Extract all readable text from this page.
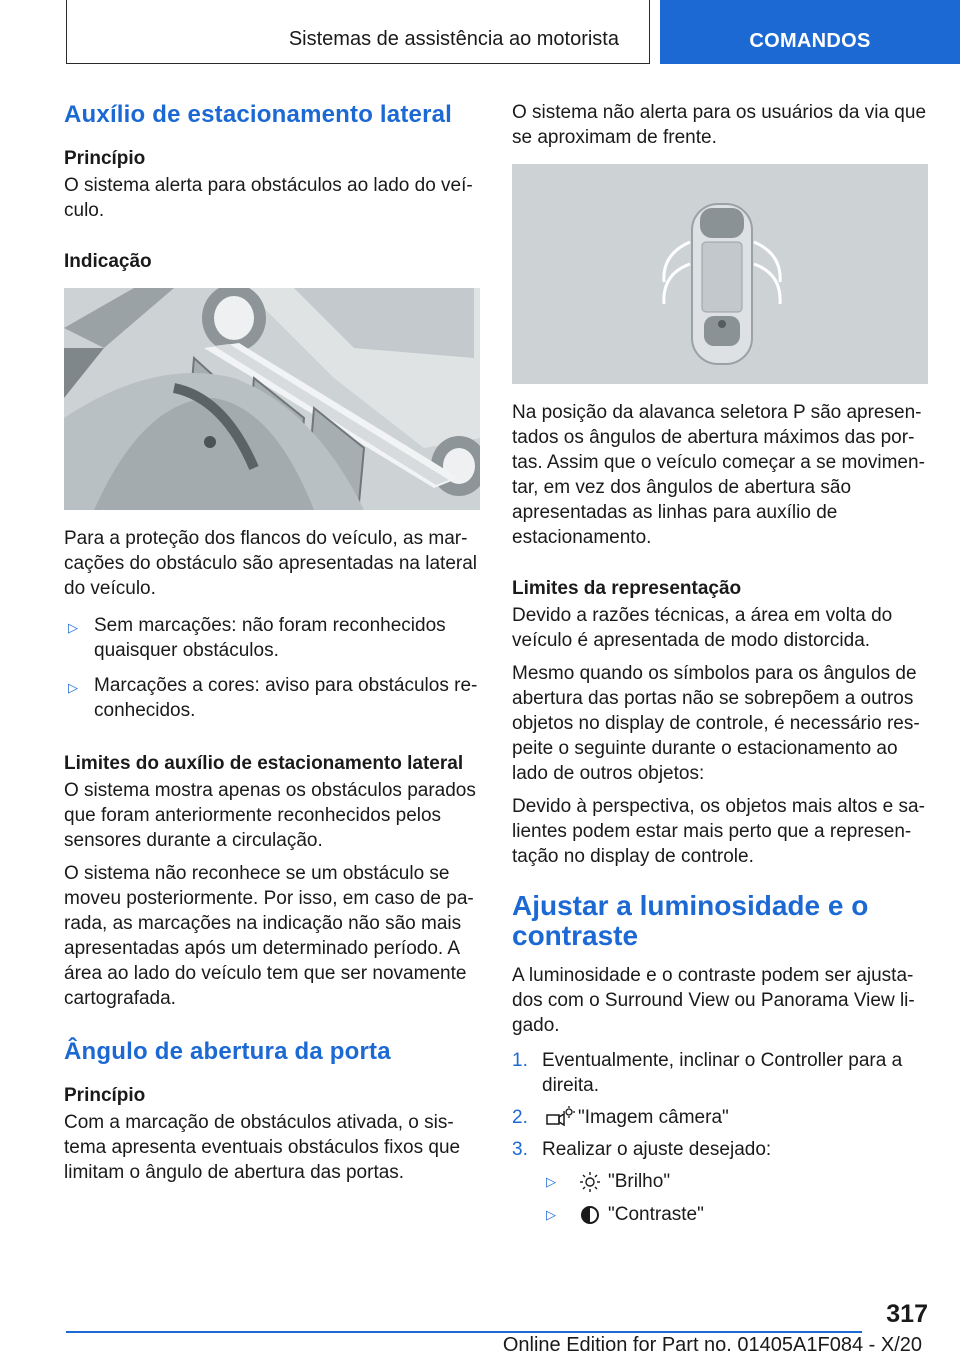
Sistemas de assistência ao motorista	COMANDOS
Auxílio de estacionamento lateral
Princípio
O sistema alerta para obstáculos ao lado do veículo.
Indicação
Para a proteção dos flancos do veículo, as marcações do obstáculo são apresentadas na lateral do veículo.
▷ Sem marcações: não foram reconhecidos quaisquer obstáculos.
▷ Marcações a cores: aviso para obstáculos reconhecidos.
Limites do auxílio de estacionamento lateral
O sistema mostra apenas os obstáculos parados que foram anteriormente reconhecidos pelos sensores durante a circulação.
O sistema não reconhece se um obstáculo se moveu posteriormente. Por isso, em caso de parada, as marcações na indicação não são mais apresentadas após um determinado período. A área ao lado do veículo tem que ser novamente cartografada.
Ângulo de abertura da porta
Princípio
Com a marcação de obstáculos ativada, o sistema apresenta eventuais obstáculos fixos que limitam o ângulo de abertura das portas.
O sistema não alerta para os usuários da via que se aproximam de frente.
Na posição da alavanca seletora P são apresentados os ângulos de abertura máximos das portas. Assim que o veículo começar a se movimentar, em vez dos ângulos de abertura são apresentadas as linhas para auxílio de estacionamento.
Limites da representação
Devido a razões técnicas, a área em volta do veículo é apresentada de modo distorcida.
Mesmo quando os símbolos para os ângulos de abertura das portas não se sobrepõem a outros objetos no display de controle, é necessário respeite o seguinte durante o estacionamento ao lado de outros objetos:
Devido à perspectiva, os objetos mais altos e salientes podem estar mais perto que a representação no display de controle.
Ajustar a luminosidade e o contraste
A luminosidade e o contraste podem ser ajustados com o Surround View ou Panorama View ligado.
1. Eventualmente, inclinar o Controller para a direita.
2.	"Imagem câmera"
3. Realizar o ajuste desejado:
▷	"Brilho"
▷	"Contraste"
317
Online Edition for Part no. 01405A1F084 - X/20
